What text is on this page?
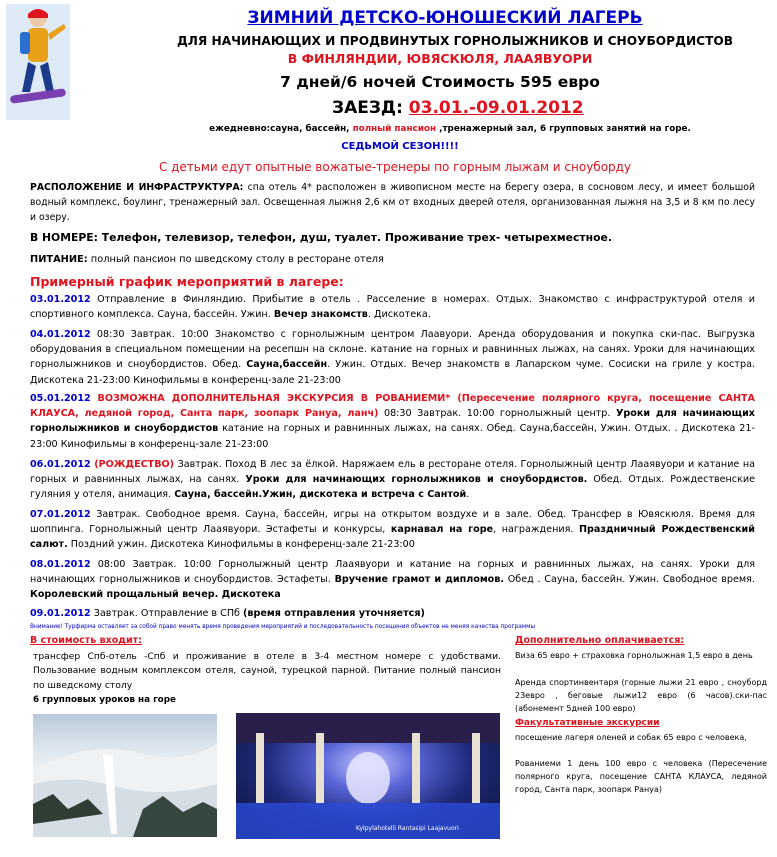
ЗИМНИЙ ДЕТСКО-ЮНОШЕСКИЙ ЛАГЕРЬ
ДЛЯ НАЧИНАЮЩИХ И ПРОДВИНУТЫХ ГОРНОЛЫЖНИКОВ И СНОУБОРДИСТОВ
В ФИНЛЯНДИИ, ЮВЯСКЮЛЯ, ЛААЯВУОРИ
7 дней/6 ночей Стоимость 595 евро
ЗАЕЗД: 03.01.-09.01.2012
ежедневно:сауна, бассейн, полный пансион ,тренажерный зал, 6 групповых занятий на горе.
СЕДЬМОЙ СЕЗОН!!!!
С детьми едут опытные вожатые-тренеры по горным лыжам и сноуборду
РАСПОЛОЖЕНИЕ И ИНФРАСТРУКТУРА: спа отель 4* расположен в живописном месте на берегу озера, в сосновом лесу, и имеет большой водный комплекс, боулинг, тренажерный зал. Освещенная лыжня 2,6 км от входных дверей отеля, организованная лыжня на 3,5 и 8 км по лесу и озеру.
В НОМЕРЕ: Телефон, телевизор, телефон, душ, туалет. Проживание трех- четырехместное.
ПИТАНИЕ: полный пансион по шведскому столу в ресторане отеля
Примерный график мероприятий в лагере:
03.01.2012 Отправление в Финляндию. Прибытие в отель . Расселение в номерах. Отдых. Знакомство с инфраструктурой отеля и спортивного комплекса. Сауна, бассейн. Ужин. Вечер знакомств. Дискотека.
04.01.2012 08:30 Завтрак. 10:00 Знакомство с горнолыжным центром Лаавуори. Аренда оборудования и покупка ски-пас. Выгрузка оборудования в специальном помещении на ресепшн на склоне. катание на горных и равнинных лыжах, на санях. Уроки для начинающих горнолыжников и сноубордистов. Обед. Сауна,бассейн. Ужин. Отдых. Вечер знакомств в Лапарском чуме. Сосиски на гриле у костра. Дискотека 21-23:00 Кинофильмы в конференц-зале 21-23:00
05.01.2012 ВОЗМОЖНА ДОПОЛНИТЕЛЬНАЯ ЭКСКУРСИЯ В РОВАНИЕМИ* (Пересечение полярного круга, посещение САНТА КЛАУСА, ледяной город, Санта парк, зоопарк Рануа, ланч) 08:30 Завтрак. 10:00 горнолыжный центр. Уроки для начинающих горнолыжников и сноубордистов катание на горных и равнинных лыжах, на санях. Обед. Сауна,бассейн, Ужин. Отдых. . Дискотека 21-23:00 Кинофильмы в конференц-зале 21-23:00
06.01.2012 (РОЖДЕСТВО) Завтрак. Поход В лес за ёлкой. Наряжаем ель в ресторане отеля. Горнолыжный центр Лааявуори и катание на горных и равнинных лыжах, на санях. Уроки для начинающих горнолыжников и сноубордистов. Обед. Отдых. Рождественские гуляния у отеля, анимация. Сауна, бассейн.Ужин, дискотека и встреча с Сантой.
07.01.2012 Завтрак. Свободное время. Сауна, бассейн, игры на открытом воздухе и в зале. Обед. Трансфер в Ювяскюля. Время для шоппинга. Горнолыжный центр Лааявуори. Эстафеты и конкурсы, карнавал на горе, награждения. Праздничный Рождественский салют. Поздний ужин. Дискотека Кинофильмы в конференц-зале 21-23:00
08.01.2012 08:00 Завтрак. 10:00 Горнолыжный центр Лааявуори и катание на горных и равнинных лыжах, на санях. Уроки для начинающих горнолыжников и сноубордистов. Эстафеты. Вручение грамот и дипломов. Обед . Сауна, бассейн. Ужин. Свободное время. Королевский прощальный вечер. Дискотека
09.01.2012 Завтрак. Отправление в СПб (время отправления уточняется)
Внимание! Турфирма оставляет за собой право менять время проведения мероприятий и последовательность посещения объектов не меняя качества программы
В стоимость входит:
трансфер Спб-отель -Спб и проживание в отеле в 3-4 местном номере с удобствами. Пользование водным комплексом отеля, сауной, турецкой парной. Питание полный пансион по шведскому столу
6 групповых уроков на горе
Дополнительно оплачивается:
Виза 65 евро + страховка горнолыжная 1,5 евро в день
Аренда спортинвентаря (горные лыжи 21 евро , сноуборд 23евро , беговые лыжи12 евро (6 часов).ски-пас (абонемент 5дней 100 евро)
Факультативные экскурсии
посещение лагеря оленей и собак 65 евро с человека,
Рованиеми 1 день 100 евро с человека (Пересечение полярного круга, посещение САНТА КЛАУСА, ледяной город, Санта парк, зоопарк Рануа)
Kylpylahotelli Rantasipi Laajavuori
